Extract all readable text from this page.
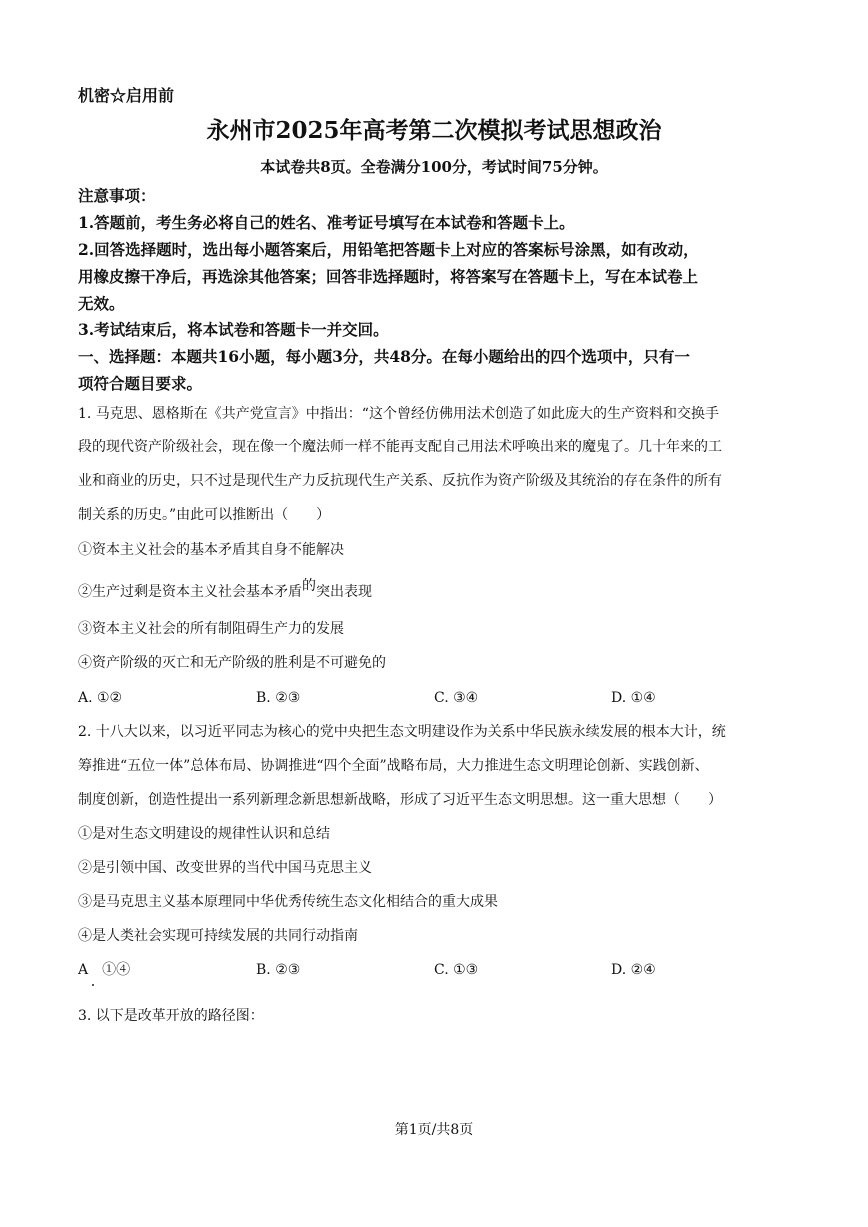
机密☆启用前
永州市2025年高考第二次模拟考试思想政治
本试卷共8页。全卷满分100分，考试时间75分钟。
注意事项：
1.答题前，考生务必将自己的姓名、准考证号填写在本试卷和答题卡上。
2.回答选择题时，选出每小题答案后，用铅笔把答题卡上对应的答案标号涂黑，如有改动，
用橡皮擦干净后，再选涂其他答案；回答非选择题时，将答案写在答题卡上，写在本试卷上
无效。
3.考试结束后，将本试卷和答题卡一并交回。
一、选择题：本题共16小题，每小题3分，共48分。在每小题给出的四个选项中，只有一
项符合题目要求。
1. 马克思、恩格斯在《共产党宣言》中指出：“这个曾经仿佛用法术创造了如此庞大的生产资料和交换手
段的现代资产阶级社会，现在像一个魔法师一样不能再支配自己用法术呼唤出来的魔鬼了。几十年来的工
业和商业的历史，只不过是现代生产力反抗现代生产关系、反抗作为资产阶级及其统治的存在条件的所有
制关系的历史。”由此可以推断出（　　）
①资本主义社会的基本矛盾其自身不能解决
②生产过剩是资本主义社会基本矛盾的突出表现
③资本主义社会的所有制阻碍生产力的发展
④资产阶级的灭亡和无产阶级的胜利是不可避免的
A. ①②	B. ②③	C. ③④	D. ①④
2. 十八大以来，以习近平同志为核心的党中央把生态文明建设作为关系中华民族永续发展的根本大计，统
筹推进“五位一体”总体布局、协调推进“四个全面”战略布局，大力推进生态文明理论创新、实践创新、
制度创新，创造性提出一系列新理念新思想新战略，形成了习近平生态文明思想。这一重大思想（　　）
①是对生态文明建设的规律性认识和总结
②是引领中国、改变世界的当代中国马克思主义
③是马克思主义基本原理同中华优秀传统生态文化相结合的重大成果
④是人类社会实现可持续发展的共同行动指南
A　①④	B. ②③	C. ①③	D. ②④
3. 以下是改革开放的路径图：
第1页/共8页
